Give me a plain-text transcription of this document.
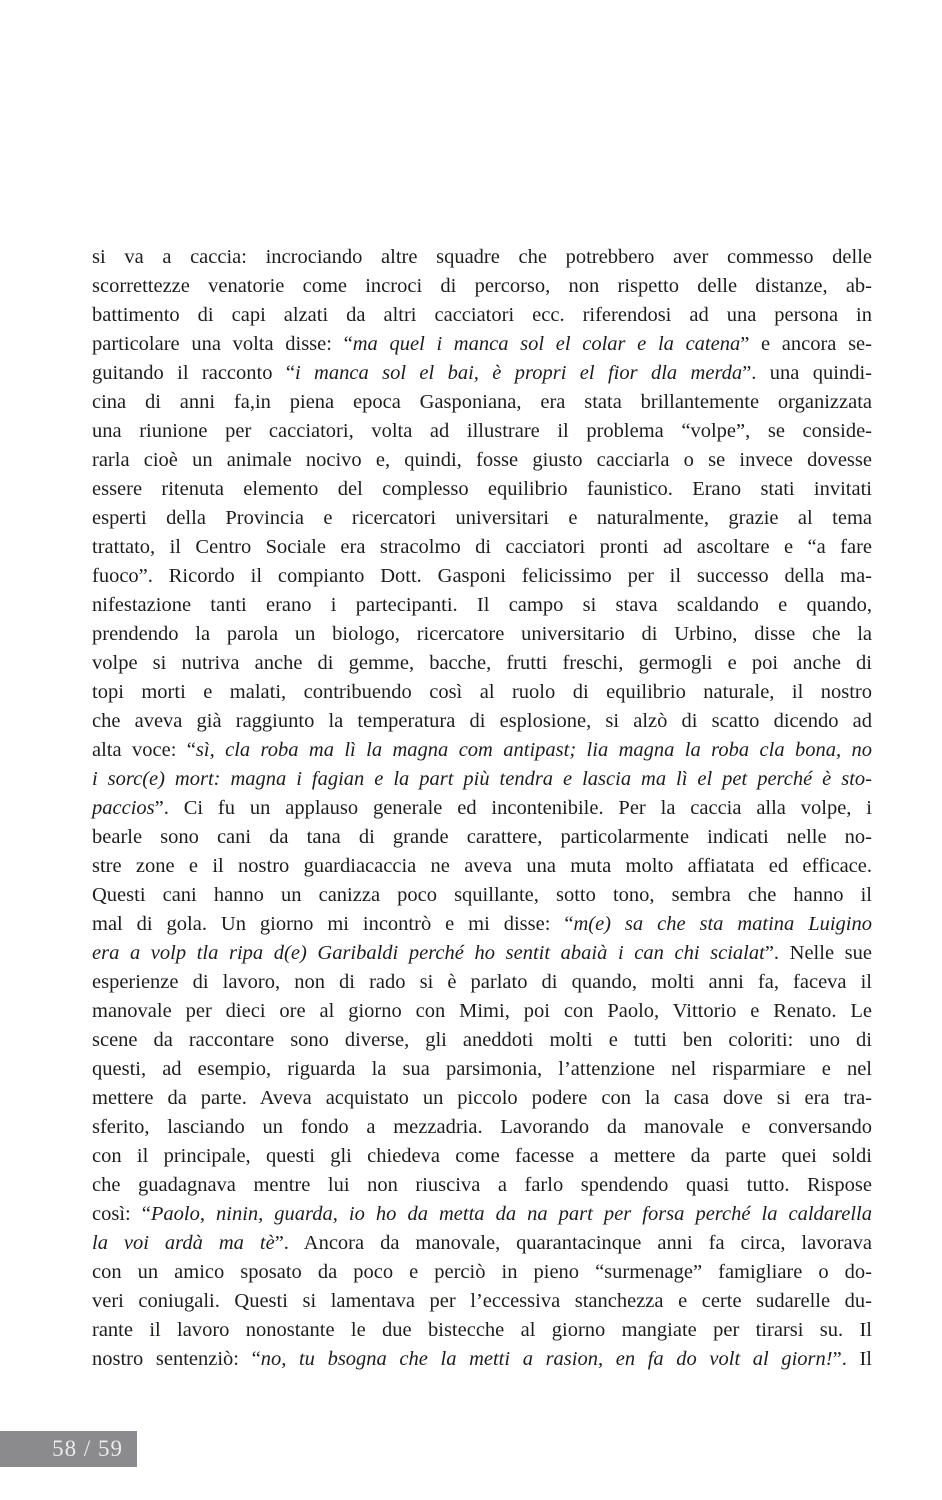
si va a caccia: incrociando altre squadre che potrebbero aver commesso delle
scorrettezze venatorie come incroci di percorso, non rispetto delle distanze, ab-
battimento di capi alzati da altri cacciatori ecc. riferendosi ad una persona in
particolare una volta disse: “ma quel i manca sol el colar e la catena” e ancora se-
guitando il racconto “i manca sol el bai, è propri el fior dla merda”. una quindi-
cina di anni fa,in piena epoca Gasponiana, era stata brillantemente organizzata
una riunione per cacciatori, volta ad illustrare il problema “volpe”, se conside-
rarla cioè un animale nocivo e, quindi, fosse giusto cacciarla o se invece dovesse
essere ritenuta elemento del complesso equilibrio faunistico. Erano stati invitati
esperti della Provincia e ricercatori universitari e naturalmente, grazie al tema
trattato, il Centro Sociale era stracolmo di cacciatori pronti ad ascoltare e “a fare
fuoco”. Ricordo il compianto Dott. Gasponi felicissimo per il successo della ma-
nifestazione tanti erano i partecipanti. Il campo si stava scaldando e quando,
prendendo la parola un biologo, ricercatore universitario di Urbino, disse che la
volpe si nutriva anche di gemme, bacche, frutti freschi, germogli e poi anche di
topi morti e malati, contribuendo così al ruolo di equilibrio naturale, il nostro
che aveva già raggiunto la temperatura di esplosione, si alzò di scatto dicendo ad
alta voce: “sì, cla roba ma lì la magna com antipast; lia magna la roba cla bona, no
i sorc(e) mort: magna i fagian e la part più tendra e lascia ma lì el pet perché è sto-
paccios”. Ci fu un applauso generale ed incontenibile. Per la caccia alla volpe, i
bearle sono cani da tana di grande carattere, particolarmente indicati nelle no-
stre zone e il nostro guardiacaccia ne aveva una muta molto affiatata ed efficace.
Questi cani hanno un canizza poco squillante, sotto tono, sembra che hanno il
mal di gola. Un giorno mi incontrò e mi disse: “m(e) sa che sta matina Luigino
era a volp tla ripa d(e) Garibaldi perché ho sentit abaià i can chi scialat”. Nelle sue
esperienze di lavoro, non di rado si è parlato di quando, molti anni fa, faceva il
manovale per dieci ore al giorno con Mimi, poi con Paolo, Vittorio e Renato. Le
scene da raccontare sono diverse, gli aneddoti molti e tutti ben coloriti: uno di
questi, ad esempio, riguarda la sua parsimonia, l’attenzione nel risparmiare e nel
mettere da parte. Aveva acquistato un piccolo podere con la casa dove si era tra-
sferito, lasciando un fondo a mezzadria. Lavorando da manovale e conversando
con il principale, questi gli chiedeva come facesse a mettere da parte quei soldi
che guadagnava mentre lui non riusciva a farlo spendendo quasi tutto. Rispose
così: “Paolo, ninin, guarda, io ho da metta da na part per forsa perché la caldarella
la voi ardà ma tè”. Ancora da manovale, quarantacinque anni fa circa, lavorava
con un amico sposato da poco e perciò in pieno “surmenage” famigliare o do-
veri coniugali. Questi si lamentava per l’eccessiva stanchezza e certe sudarelle du-
rante il lavoro nonostante le due bistecche al giorno mangiate per tirarsi su. Il
nostro sentenziò: “no, tu bsogna che la metti a rasion, en fa do volt al giorn!”. Il
58 / 59
